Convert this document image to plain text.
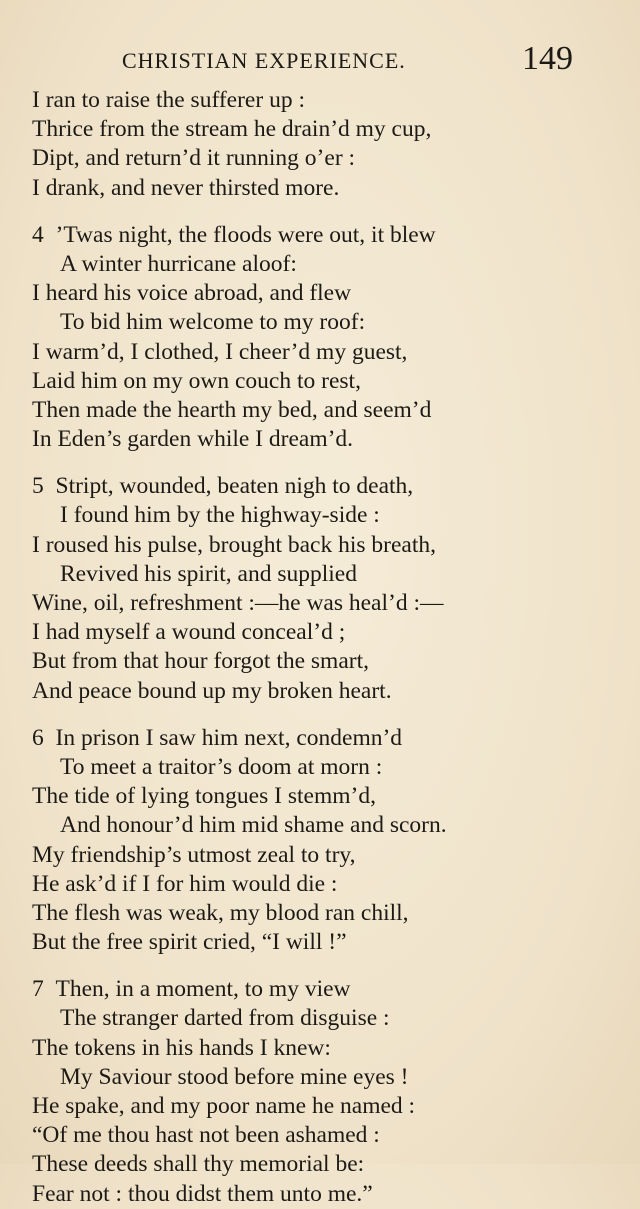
CHRISTIAN EXPERIENCE.	149
I ran to raise the sufferer up :
Thrice from the stream he drain’d my cup,
Dipt, and return’d it running o’er :
I drank, and never thirsted more.
4 ’Twas night, the floods were out, it blew
A winter hurricane aloof:
I heard his voice abroad, and flew
To bid him welcome to my roof:
I warm’d, I clothed, I cheer’d my guest,
Laid him on my own couch to rest,
Then made the hearth my bed, and seem’d
In Eden’s garden while I dream’d.
5 Stript, wounded, beaten nigh to death,
I found him by the highway-side :
I roused his pulse, brought back his breath,
Revived his spirit, and supplied
Wine, oil, refreshment :—he was heal’d :—
I had myself a wound conceal’d ;
But from that hour forgot the smart,
And peace bound up my broken heart.
6 In prison I saw him next, condemn’d
To meet a traitor’s doom at morn :
The tide of lying tongues I stemm’d,
And honour’d him mid shame and scorn.
My friendship’s utmost zeal to try,
He ask’d if I for him would die :
The flesh was weak, my blood ran chill,
But the free spirit cried, “I will !”
7 Then, in a moment, to my view
The stranger darted from disguise :
The tokens in his hands I knew:
My Saviour stood before mine eyes !
He spake, and my poor name he named :
“Of me thou hast not been ashamed :
These deeds shall thy memorial be:
Fear not : thou didst them unto me.”
